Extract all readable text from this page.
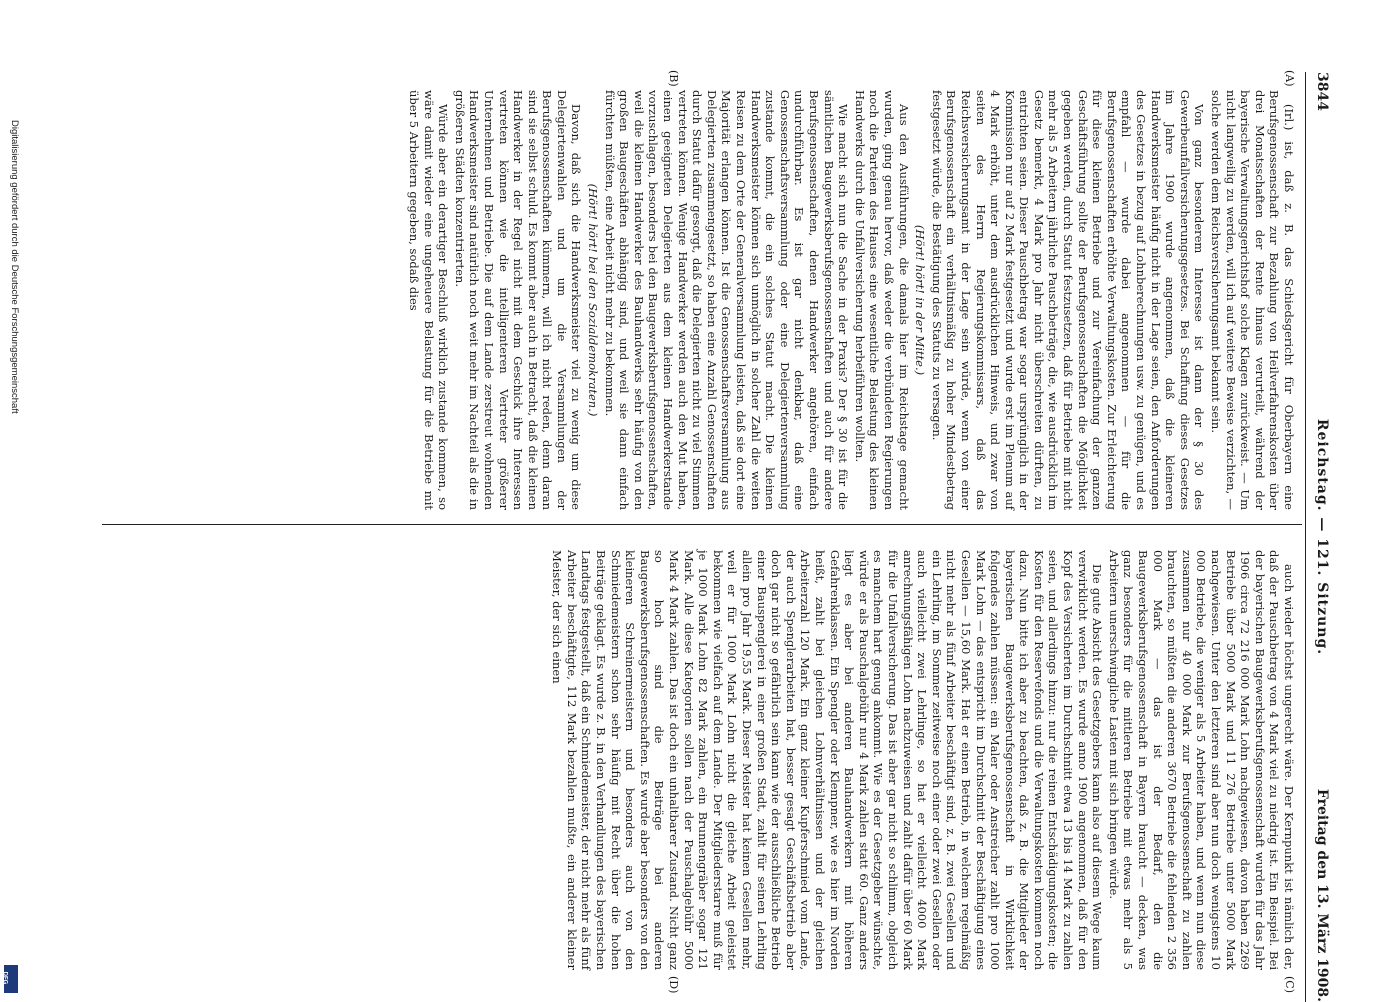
3844
Reichstag. — 121. Sitzung.
Freitag den 13. März 1908.
(A)
(B)
(C)
(D)

(Irl.) ist, daß z. B. das Schiedsgericht für Oberbayern eine Berufsgenossenschaft zur Bezahlung von Heilverfahrenskosten über drei Monatsschaften der Rente hinaus verurteilt, während der bayerische Verwaltungsgerichtshof solche Klagen zurückweist. — Um nicht langweilig zu werden, will ich auf weitere Beweise verzichten, — solche werden dem Reichsversicherungsamt bekannt sein.

Von ganz besonderem Interesse ist dann der § 30 des Gewerbeunfallversicherungsgesetzes. Bei Schaffung dieses Gesetzes im Jahre 1900 wurde angenommen, daß die kleineren Handwerksmeister häufig nicht in der Lage seien, den Anforderungen des Gesetzes in bezug auf Lohnberechnungen usw. zu genügen, und es empfahl — wurde dabei angenommen — für die Berufsgenossenschaften erhöhte Verwaltungskosten. Zur Erleichterung für diese kleinen Betriebe und zur Vereinfachung der ganzen Geschäftsführung sollte der Berufsgenossenschaften die Möglichkeit gegeben werden, durch Statut festzusetzen, daß für Betriebe mit nicht mehr als 5 Arbeitern jährliche Pauschbeträge, die, wie ausdrücklich im Gesetz bemerkt, 4 Mark pro Jahr nicht überschreiten dürften, zu entrichten seien. Dieser Pauschbetrag war sogar ursprünglich in der Kommission nur auf 2 Mark festgesetzt und wurde erst im Plenum auf 4 Mark erhöht, unter dem ausdrücklichen Hinweis, und zwar von seiten des Herrn Regierungskommissars, daß das Reichsversicherungsamt in der Lage sein würde, wenn von einer Berufsgenossenschaft ein verhältnismäßig zu hoher Mindestbetrag festgesetzt würde, die Bestätigung des Statuts zu versagen.

(Hört! hört! in der Mitte.)

Aus den Ausführungen, die damals hier im Reichstage gemacht wurden, ging genau hervor, daß weder die verbündeten Regierungen noch die Parteien des Hauses eine wesentliche Belastung des kleinen Handwerks durch die Unfallversicherung herbeiführen wollten.

Wie macht sich nun die Sache in der Praxis? Der § 30 ist für die sämtlichen Baugewerksberufsgenossenschaften und auch für andere Berufsgenossenschaften, denen Handwerker angehören, einfach undurchführbar. Es ist gar nicht denkbar, daß eine Genossenschaftsversammlung oder eine Delegiertenversammlung zustande kommt, die ein solches Statut macht. Die kleinen Handwerksmeister können sich unmöglich in solcher Zahl die weiten Reisen zu dem Orte der Generalversammlung leisten, daß sie dort eine Majorität erlangen können. Ist die Genossenschaftsversammlung aus Delegierten zusammengesetzt, so haben eine Anzahl Genossenschaften durch Statut dafür gesorgt, daß die Delegierten nicht zu viel Stimmen vertreten können. Wenige Handwerker werden auch den Mut haben, einen geeigneten Delegierten aus dem kleinen Handwerkerstande vorzuschlagen, besonders bei den Baugewerksberufsgenossenschaften, weil die kleinen Handwerker des Bauhandwerks sehr häufig von den großen Baugeschäften abhängig sind, und weil sie dann einfach fürchten müßten, eine Arbeit nicht mehr zu bekommen.

(Hört! hört! bei den Sozialdemokraten.)

Davon, daß sich die Handwerksmeister viel zu wenig um diese Delegiertenwahlen und um die Versammlungen der Berufsgenossenschaften kümmern, will ich nicht reden, denn daran sind sie selbst schuld. Es kommt aber auch in Betracht, daß die kleinen Handwerker in der Regel nicht mit dem Geschick ihre Interessen vertreten können wie die intelligenteren Vertreter größerer Unternehmen und Betriebe. Die auf dem Lande zerstreut wohnenden Handwerksmeister sind natürlich noch weit mehr im Nachteil als die in größeren Städten konzentrierten.

Würde aber ein derartiger Beschluß wirklich zustande kommen, so wäre damit wieder eine ungeheuere Belastung für die Betriebe mit über 5 Arbeitern gegeben, sodaß dies

auch wieder höchst ungerecht wäre. Der Kernpunkt ist nämlich der, daß der Pauschbetrag von 4 Mark viel zu niedrig ist. Ein Beispiel. Bei der bayerischen Baugewerksberufsgenossenschaft wurden für das Jahr 1906 circa 72 216 000 Mark Lohn nachgewiesen, davon haben 2269 Betriebe über 5000 Mark und 11 276 Betriebe unter 5000 Mark nachgewiesen. Unter den letzteren sind aber nun doch wenigstens 10 000 Betriebe, die weniger als 5 Arbeiter haben, und wenn nun diese zusammen nur 40 000 Mark zur Berufsgenossenschaft zu zahlen brauchten, so müßten die anderen 3670 Betriebe die fehlenden 2 356 000 Mark — das ist der Bedarf, den die Baugewerksberufsgenossenschaft in Bayern braucht — decken, was ganz besonders für die mittleren Betriebe mit etwas mehr als 5 Arbeitern unerschwingliche Lasten mit sich bringen würde.

Die gute Absicht des Gesetzgebers kann also auf diesem Wege kaum verwirklicht werden. Es wurde anno 1900 angenommen, daß für den Kopf des Versicherten im Durchschnitt etwa 13 bis 14 Mark zu zahlen seien, und allerdings hinzu: nur die reinen Entschädigungskosten; die Kosten für den Reservefonds und die Verwaltungskosten kommen noch dazu. Nun bitte ich aber zu beachten, daß z. B. die Mitglieder der bayerischen Baugewerksberufsgenossenschaft in Wirklichkeit folgendes zahlen müssen: ein Maler oder Anstreicher zahlt pro 1000 Mark Lohn — das entspricht im Durchschnitt der Beschäftigung eines Gesellen — 15,60 Mark. Hat er einen Betrieb, in welchem regelmäßig nicht mehr als fünf Arbeiter beschäftigt sind, z. B. zwei Gesellen und ein Lehrling, im Sommer zeitweise noch einer oder zwei Gesellen oder auch vielleicht zwei Lehrlinge, so hat er vielleicht 4000 Mark anrechnungsfähigen Lohn nachzuweisen und zahlt dafür über 60 Mark für die Unfallversicherung. Das ist aber gar nicht so schlimm, obgleich es manchem hart genug ankommt. Wie es der Gesetzgeber wünschte, würde er als Pauschalgebühr nur 4 Mark zahlen statt 60. Ganz anders liegt es aber bei anderen Bauhandwerkern mit höheren Gefahrenklassen. Ein Spengler oder Klempner, wie es hier im Norden heißt, zahlt bei gleichen Lohnverhältnissen und der gleichen Arbeiterzahl 120 Mark. Ein ganz kleiner Kupferschmied vom Lande, der auch Spenglerarbeiten hat, besser gesagt Geschäftsbetrieb aber doch gar nicht so gefährlich sein kann wie der ausschließliche Betrieb einer Bauspenglerei in einer großen Stadt, zahlt für seinen Lehrling allein pro Jahr 19,55 Mark. Dieser Meister hat keinen Gesellen mehr, weil er für 1000 Mark Lohn nicht die gleiche Arbeit geleistet bekommen wie vielfach auf dem Lande. Der Mitgliederstarre muß für je 1000 Mark Lohn 82 Mark zahlen, ein Brunnengräber sogar 121 Mark. Alle diese Kategorien sollen nach der Pauschalgebühr 5000 Mark 4 Mark zahlen. Das ist doch ein unhaltbarer Zustand. Nicht ganz so hoch sind die Beiträge bei anderen Baugewerksberufsgenossenschaften. Es wurde aber besonders von den kleineren Schreinermeistern und besonders auch von den Schmiedemeistern schon sehr häufig mit Recht über die hohen Beiträge geklagt. Es wurde z. B. in den Verhandlungen des bayerischen Landtags festgestellt, daß ein Schmiedemeister, der nicht mehr als fünf Arbeiter beschäftigte, 112 Mark bezahlen mußte, ein anderer kleiner Meister, der sich einen

Digitalisierung gefördert durch die Deutsche Forschungsgemeinschaft
DFG
